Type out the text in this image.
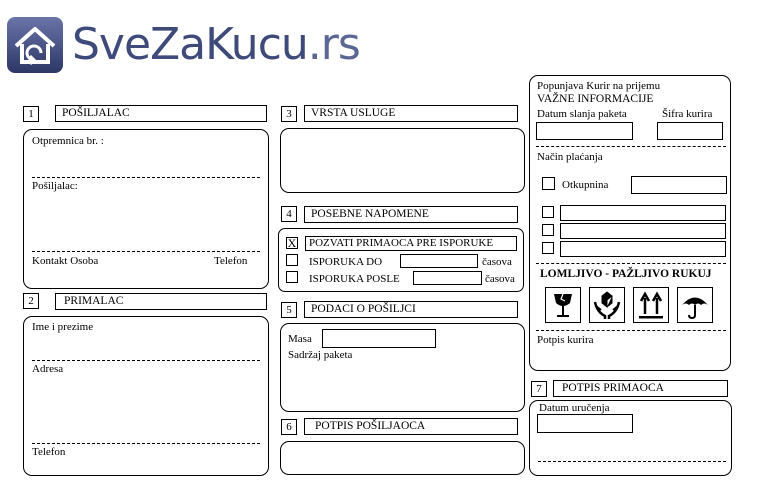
SveZaKucu.rs
1	POŠILJALAC
Otpremnica br. :
Pošiljalac:
Kontakt Osoba	Telefon
2	PRIMALAC
Ime i prezime
Adresa
Telefon
3	VRSTA USLUGE
4	POSEBNE NAPOMENE
X POZVATI PRIMAOCA PRE ISPORUKE
ISPORUKA DO	časova
ISPORUKA POSLE	časova
5	PODACI O POŠILJCI
Masa
Sadržaj paketa
6	POTPIS POŠILJAOCA
Popunjava Kurir na prijemu
VAŽNE INFORMACIJE
Datum slanja paketa	Šifra kurira
Način plaćanja
Otkupnina
LOMLJIVO - PAŽLJIVO RUKUJ
Potpis kurira
7	POTPIS PRIMAOCA
Datum uručenja
